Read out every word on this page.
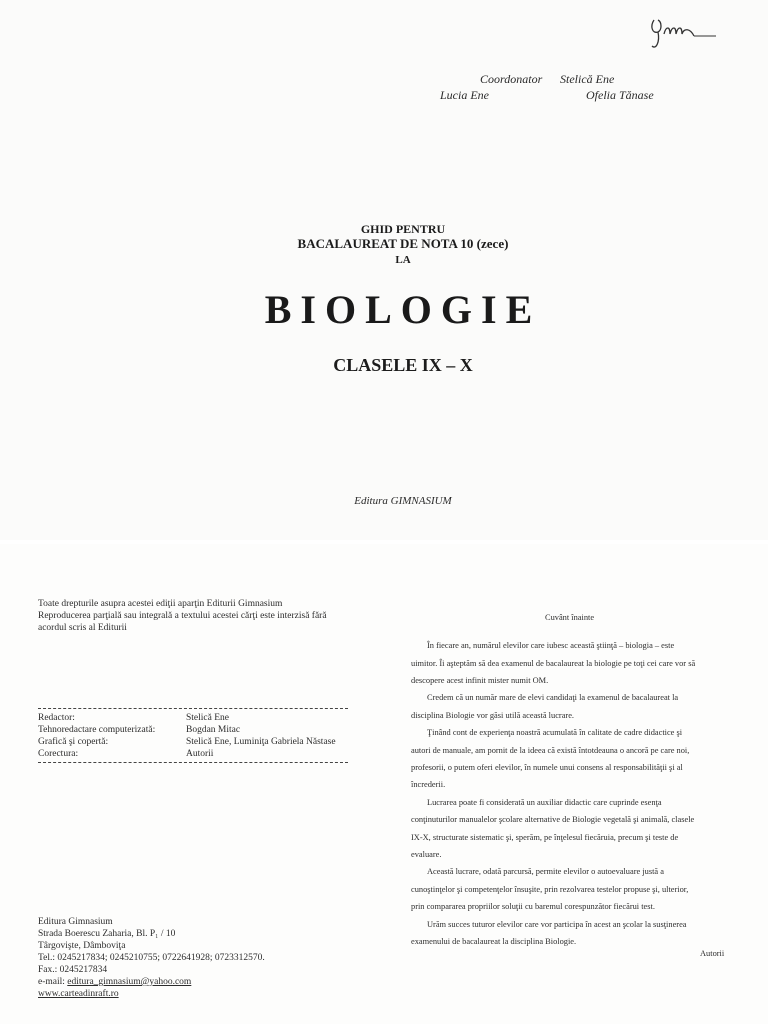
Coordonator Stelică Ene
Lucia Ene	Ofelia Tănase
GHID PENTRU
BACALAUREAT DE NOTA 10 (zece)
LA
BIOLOGIE
CLASELE IX – X
Editura GIMNASIUM
Toate drepturile asupra acestei ediţii aparţin Editurii Gimnasium
Reproducerea parţială sau integrală a textului acestei cărţi este interzisă fără
acordul scris al Editurii
Redactor:	Stelică Ene
Tehnoredactare computerizată:	Bogdan Mitac
Grafică şi copertă:	Stelică Ene, Luminiţa Gabriela Năstase
Corectura:	Autorii
Editura Gimnasium
Strada Boerescu Zaharia, Bl. P₁ / 10
Târgovişte, Dâmboviţa
Tel.: 0245217834; 0245210755; 0722641928; 0723312570.
Fax.: 0245217834
e-mail: editura_gimnasium@yahoo.com
www.carteadinraft.ro
Cuvânt înainte
În fiecare an, numărul elevilor care iubesc această ştiinţă – biologia – este
uimitor. Îi aşteptăm să dea examenul de bacalaureat la biologie pe toţi cei care vor să
descopere acest infinit mister numit OM.
Credem că un număr mare de elevi candidaţi la examenul de bacalaureat la
disciplina Biologie vor găsi utilă această lucrare.
Ţinând cont de experienţa noastră acumulată în calitate de cadre didactice şi
autori de manuale, am pornit de la ideea că există întotdeauna o ancoră pe care noi,
profesorii, o putem oferi elevilor, în numele unui consens al responsabilităţii şi al
încrederii.
Lucrarea poate fi considerată un auxiliar didactic care cuprinde esenţa
conţinuturilor manualelor şcolare alternative de Biologie vegetală şi animală, clasele
IX-X, structurate sistematic şi, sperăm, pe înţelesul fiecăruia, precum şi teste de
evaluare.
Această lucrare, odată parcursă, permite elevilor o autoevaluare justă a
cunoştinţelor şi competenţelor însuşite, prin rezolvarea testelor propuse şi, ulterior,
prin compararea propriilor soluţii cu baremul corespunzător fiecărui test.
Urăm succes tuturor elevilor care vor participa în acest an şcolar la susţinerea
examenului de bacalaureat la disciplina Biologie.
Autorii
